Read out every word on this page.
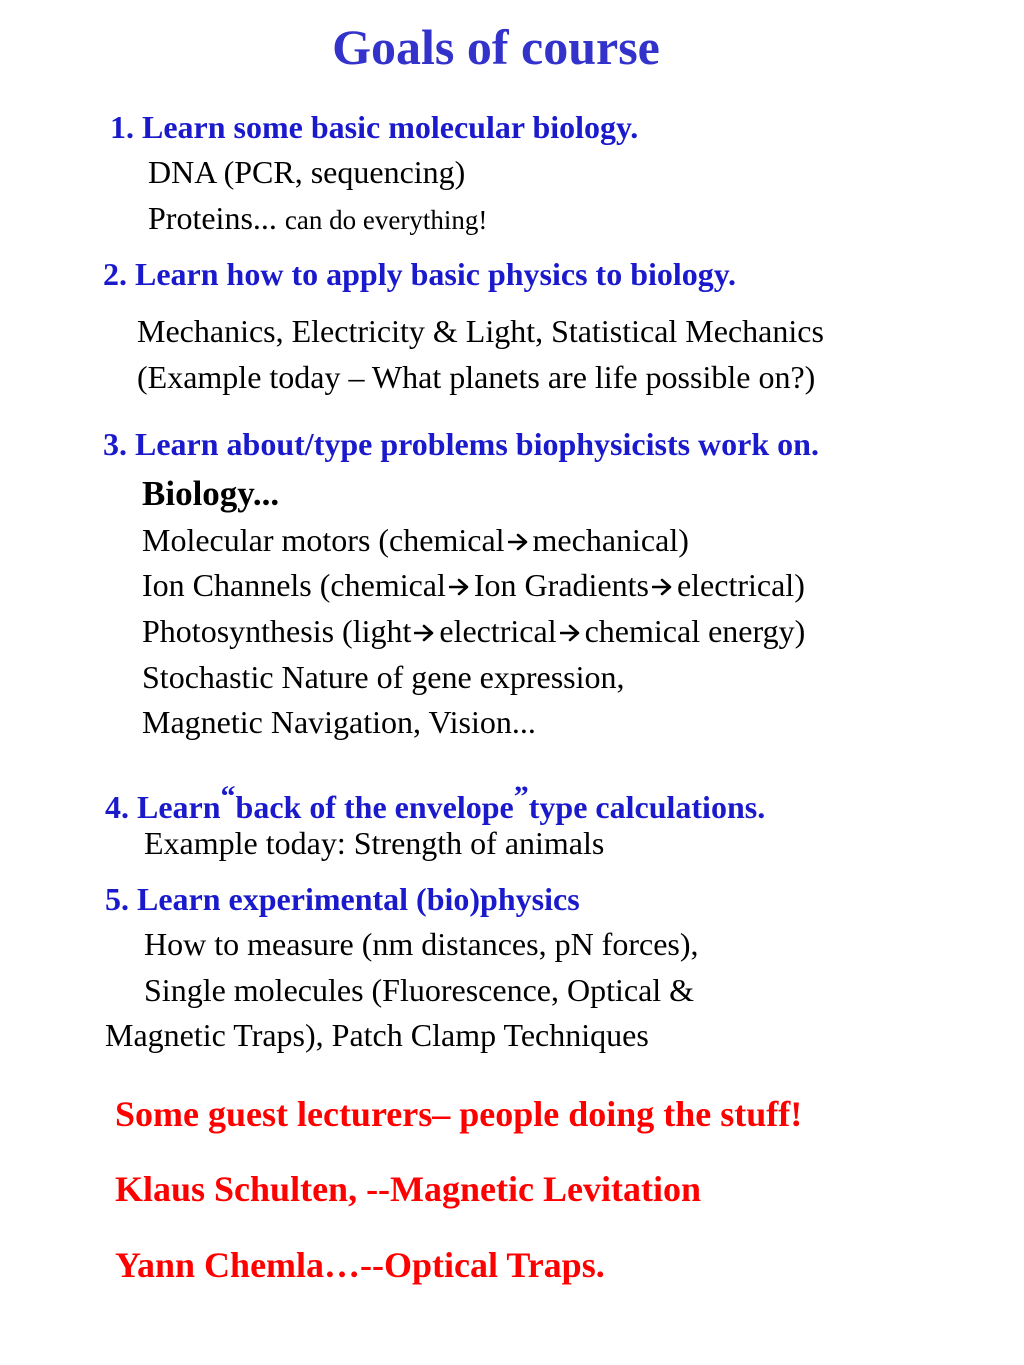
Goals of course
1. Learn some basic molecular biology.
DNA (PCR, sequencing)
Proteins... can do everything!
2. Learn how to apply basic physics to biology.
Mechanics, Electricity & Light, Statistical Mechanics
(Example today – What planets are life possible on?)
3. Learn about/type problems biophysicists work on.
Biology...
Molecular motors (chemical mechanical)
Ion Channels (chemical Ion Gradients electrical)
Photosynthesis (light electrical chemical energy)
Stochastic Nature of gene expression,
Magnetic Navigation, Vision...
4. Learn“back of the envelope”type calculations.
Example today: Strength of animals
5. Learn experimental (bio)physics
How to measure (nm distances, pN forces),
Single molecules (Fluorescence, Optical &
Magnetic Traps), Patch Clamp Techniques
Some guest lecturers– people doing the stuff!
Klaus Schulten, --Magnetic Levitation
Yann Chemla…--Optical Traps.
